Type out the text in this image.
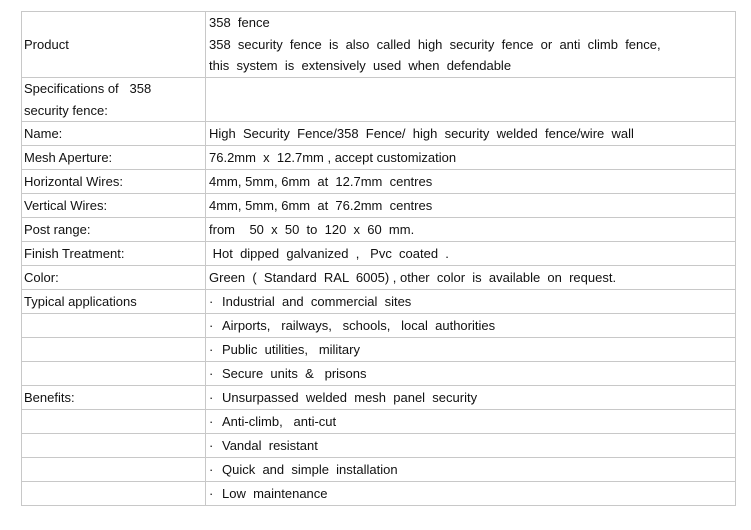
Product	358  fence
358  security  fence  is  also  called  high  security  fence  or  anti  climb  fence,
this  system  is  extensively  used  when  defendable

Specifications of   358
security fence:	

Name:	High  Security  Fence/358  Fence/  high  security  welded  fence/wire  wall
Mesh Aperture:	76.2mm  x  12.7mm , accept customization
Horizontal Wires:	4mm, 5mm, 6mm  at  12.7mm  centres
Vertical Wires:	4mm, 5mm, 6mm  at  76.2mm  centres
Post range:	from    50  x  50  to  120  x  60  mm.
Finish Treatment:	Hot  dipped  galvanized  ,   Pvc  coated  .
Color:	Green  (  Standard  RAL  6005) , other  color  is  available  on  request.
Typical applications	· Industrial  and  commercial  sites
	· Airports,   railways,   schools,   local  authorities
	· Public  utilities,   military
	· Secure  units  &   prisons
Benefits:	· Unsurpassed  welded  mesh  panel  security
	· Anti-climb,   anti-cut
	· Vandal  resistant
	· Quick  and  simple  installation
	· Low  maintenance
